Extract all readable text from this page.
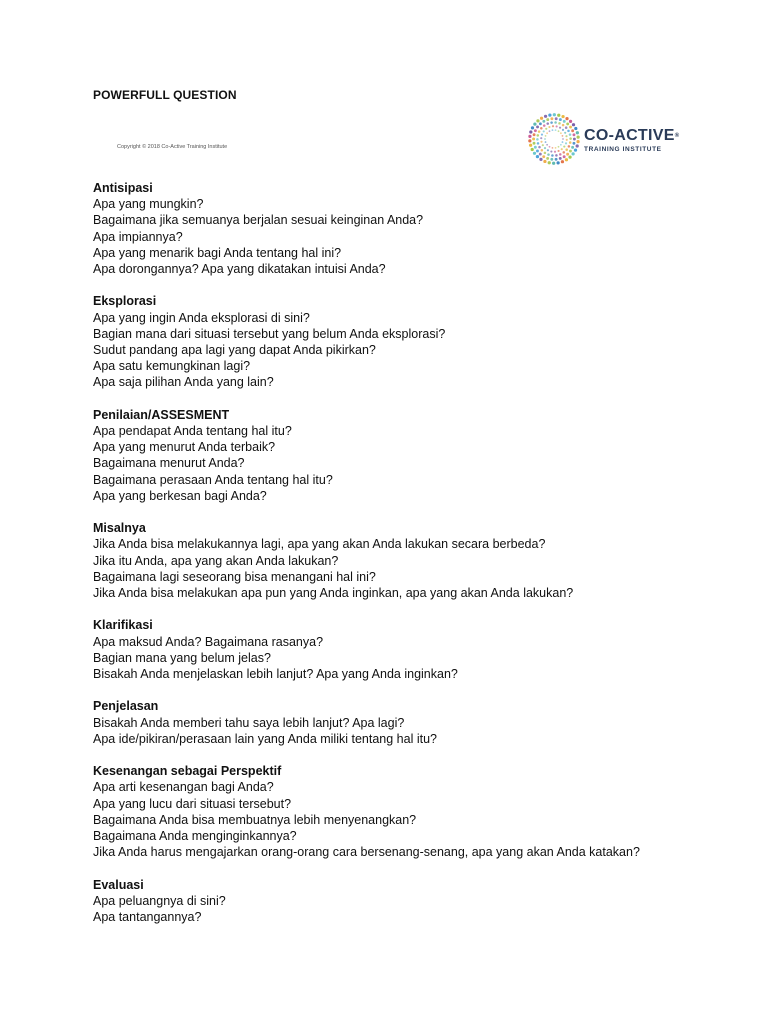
POWERFULL QUESTION
Copyright © 2018 Co-Active Training Institute
CO-ACTIVE®
TRAINING INSTITUTE
Antisipasi
Apa yang mungkin?
Bagaimana jika semuanya berjalan sesuai keinginan Anda?
Apa impiannya?
Apa yang menarik bagi Anda tentang hal ini?
Apa dorongannya? Apa yang dikatakan intuisi Anda?
Eksplorasi
Apa yang ingin Anda eksplorasi di sini?
Bagian mana dari situasi tersebut yang belum Anda eksplorasi?
Sudut pandang apa lagi yang dapat Anda pikirkan?
Apa satu kemungkinan lagi?
Apa saja pilihan Anda yang lain?
Penilaian/ASSESMENT
Apa pendapat Anda tentang hal itu?
Apa yang menurut Anda terbaik?
Bagaimana menurut Anda?
Bagaimana perasaan Anda tentang hal itu?
Apa yang berkesan bagi Anda?
Misalnya
Jika Anda bisa melakukannya lagi, apa yang akan Anda lakukan secara berbeda?
Jika itu Anda, apa yang akan Anda lakukan?
Bagaimana lagi seseorang bisa menangani hal ini?
Jika Anda bisa melakukan apa pun yang Anda inginkan, apa yang akan Anda lakukan?
Klarifikasi
Apa maksud Anda? Bagaimana rasanya?
Bagian mana yang belum jelas?
Bisakah Anda menjelaskan lebih lanjut? Apa yang Anda inginkan?
Penjelasan
Bisakah Anda memberi tahu saya lebih lanjut? Apa lagi?
Apa ide/pikiran/perasaan lain yang Anda miliki tentang hal itu?
Kesenangan sebagai Perspektif
Apa arti kesenangan bagi Anda?
Apa yang lucu dari situasi tersebut?
Bagaimana Anda bisa membuatnya lebih menyenangkan?
Bagaimana Anda menginginkannya?
Jika Anda harus mengajarkan orang-orang cara bersenang-senang, apa yang akan Anda katakan?
Evaluasi
Apa peluangnya di sini?
Apa tantangannya?
